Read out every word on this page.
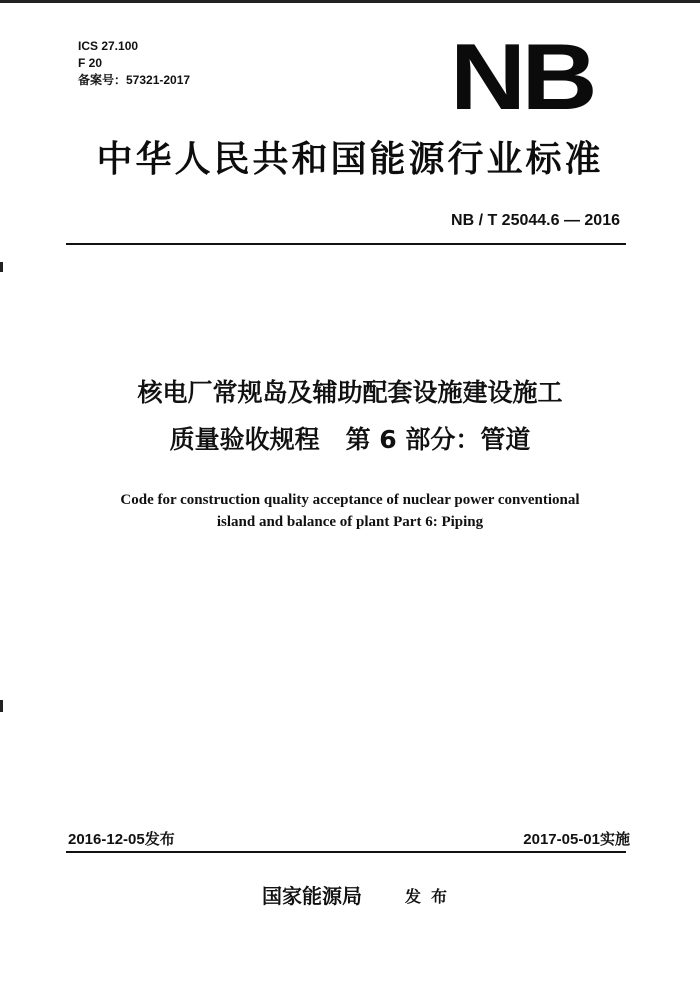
ICS 27.100
F 20
备案号：57321-2017	NB
中华人民共和国能源行业标准
NB / T 25044.6 — 2016
核电厂常规岛及辅助配套设施建设施工
质量验收规程 第 6 部分：管道
Code for construction quality acceptance of nuclear power conventional
island and balance of plant Part 6: Piping
2016-12-05发布	2017-05-01实施
国家能源局	发布
